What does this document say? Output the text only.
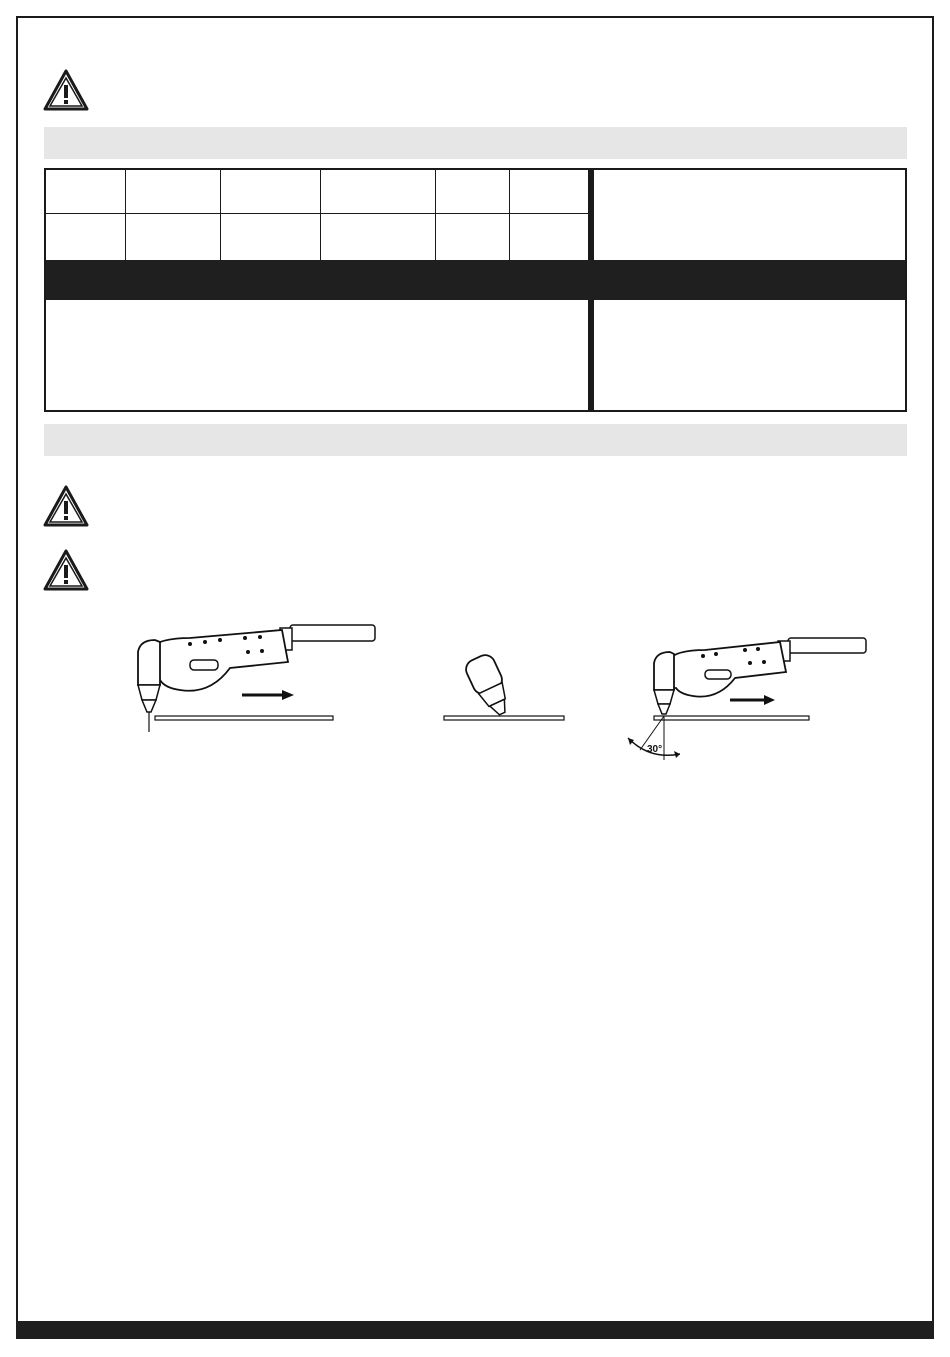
30°
